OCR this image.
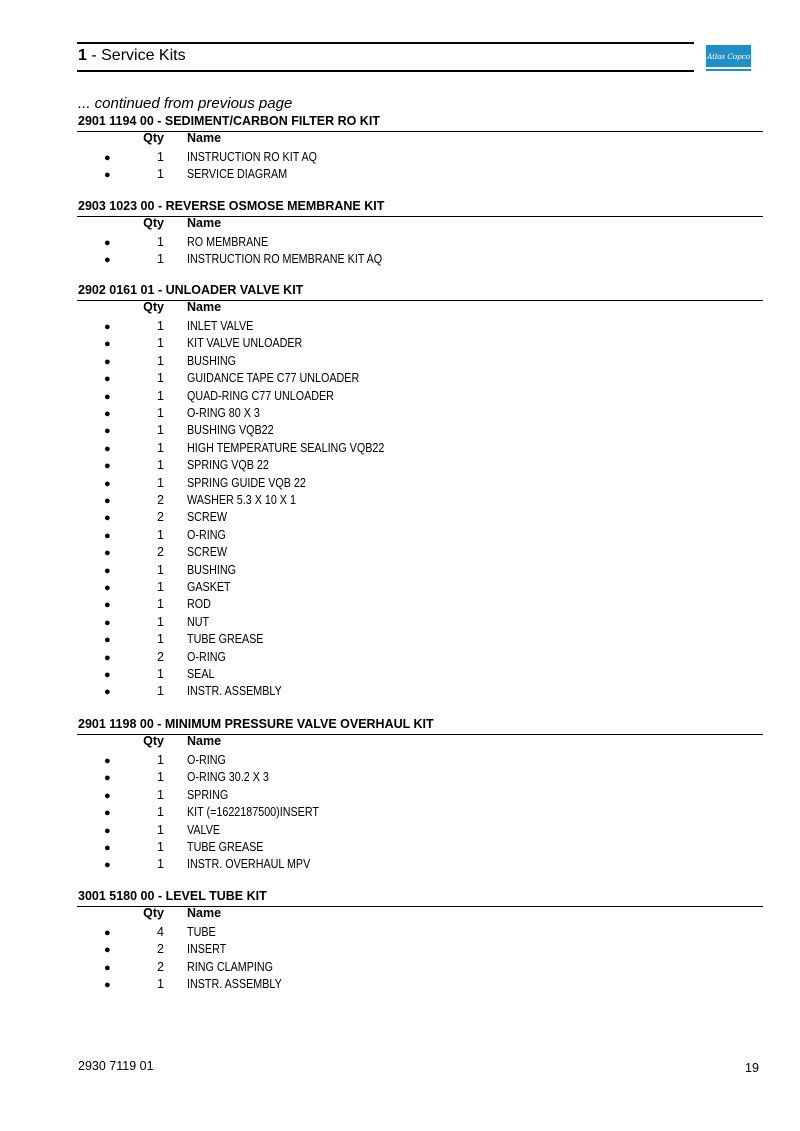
1 - Service Kits	Atlas Copco
... continued from previous page
2901 1194 00 - SEDIMENT/CARBON FILTER RO KIT
Qty Name
●	1 INSTRUCTION RO KIT AQ
●	1 SERVICE DIAGRAM
2903 1023 00 - REVERSE OSMOSE MEMBRANE KIT
Qty Name
●	1 RO MEMBRANE
●	1 INSTRUCTION RO MEMBRANE KIT AQ
2902 0161 01 - UNLOADER VALVE KIT
Qty Name
●	1 INLET VALVE
●	1 KIT VALVE UNLOADER
●	1 BUSHING
●	1 GUIDANCE TAPE C77 UNLOADER
●	1 QUAD-RING C77 UNLOADER
●	1 O-RING 80 X 3
●	1 BUSHING VQB22
●	1 HIGH TEMPERATURE SEALING VQB22
●	1 SPRING VQB 22
●	1 SPRING GUIDE VQB 22
●	2 WASHER 5.3 X 10 X 1
●	2 SCREW
●	1 O-RING
●	2 SCREW
●	1 BUSHING
●	1 GASKET
●	1 ROD
●	1 NUT
●	1 TUBE GREASE
●	2 O-RING
●	1 SEAL
●	1 INSTR. ASSEMBLY
2901 1198 00 - MINIMUM PRESSURE VALVE OVERHAUL KIT
Qty Name
●	1 O-RING
●	1 O-RING 30.2 X 3
●	1 SPRING
●	1 KIT (=1622187500)INSERT
●	1 VALVE
●	1 TUBE GREASE
●	1 INSTR. OVERHAUL MPV
3001 5180 00 - LEVEL TUBE KIT
Qty Name
●	4 TUBE
●	2 INSERT
●	2 RING CLAMPING
●	1 INSTR. ASSEMBLY
2930 7119 01	19
